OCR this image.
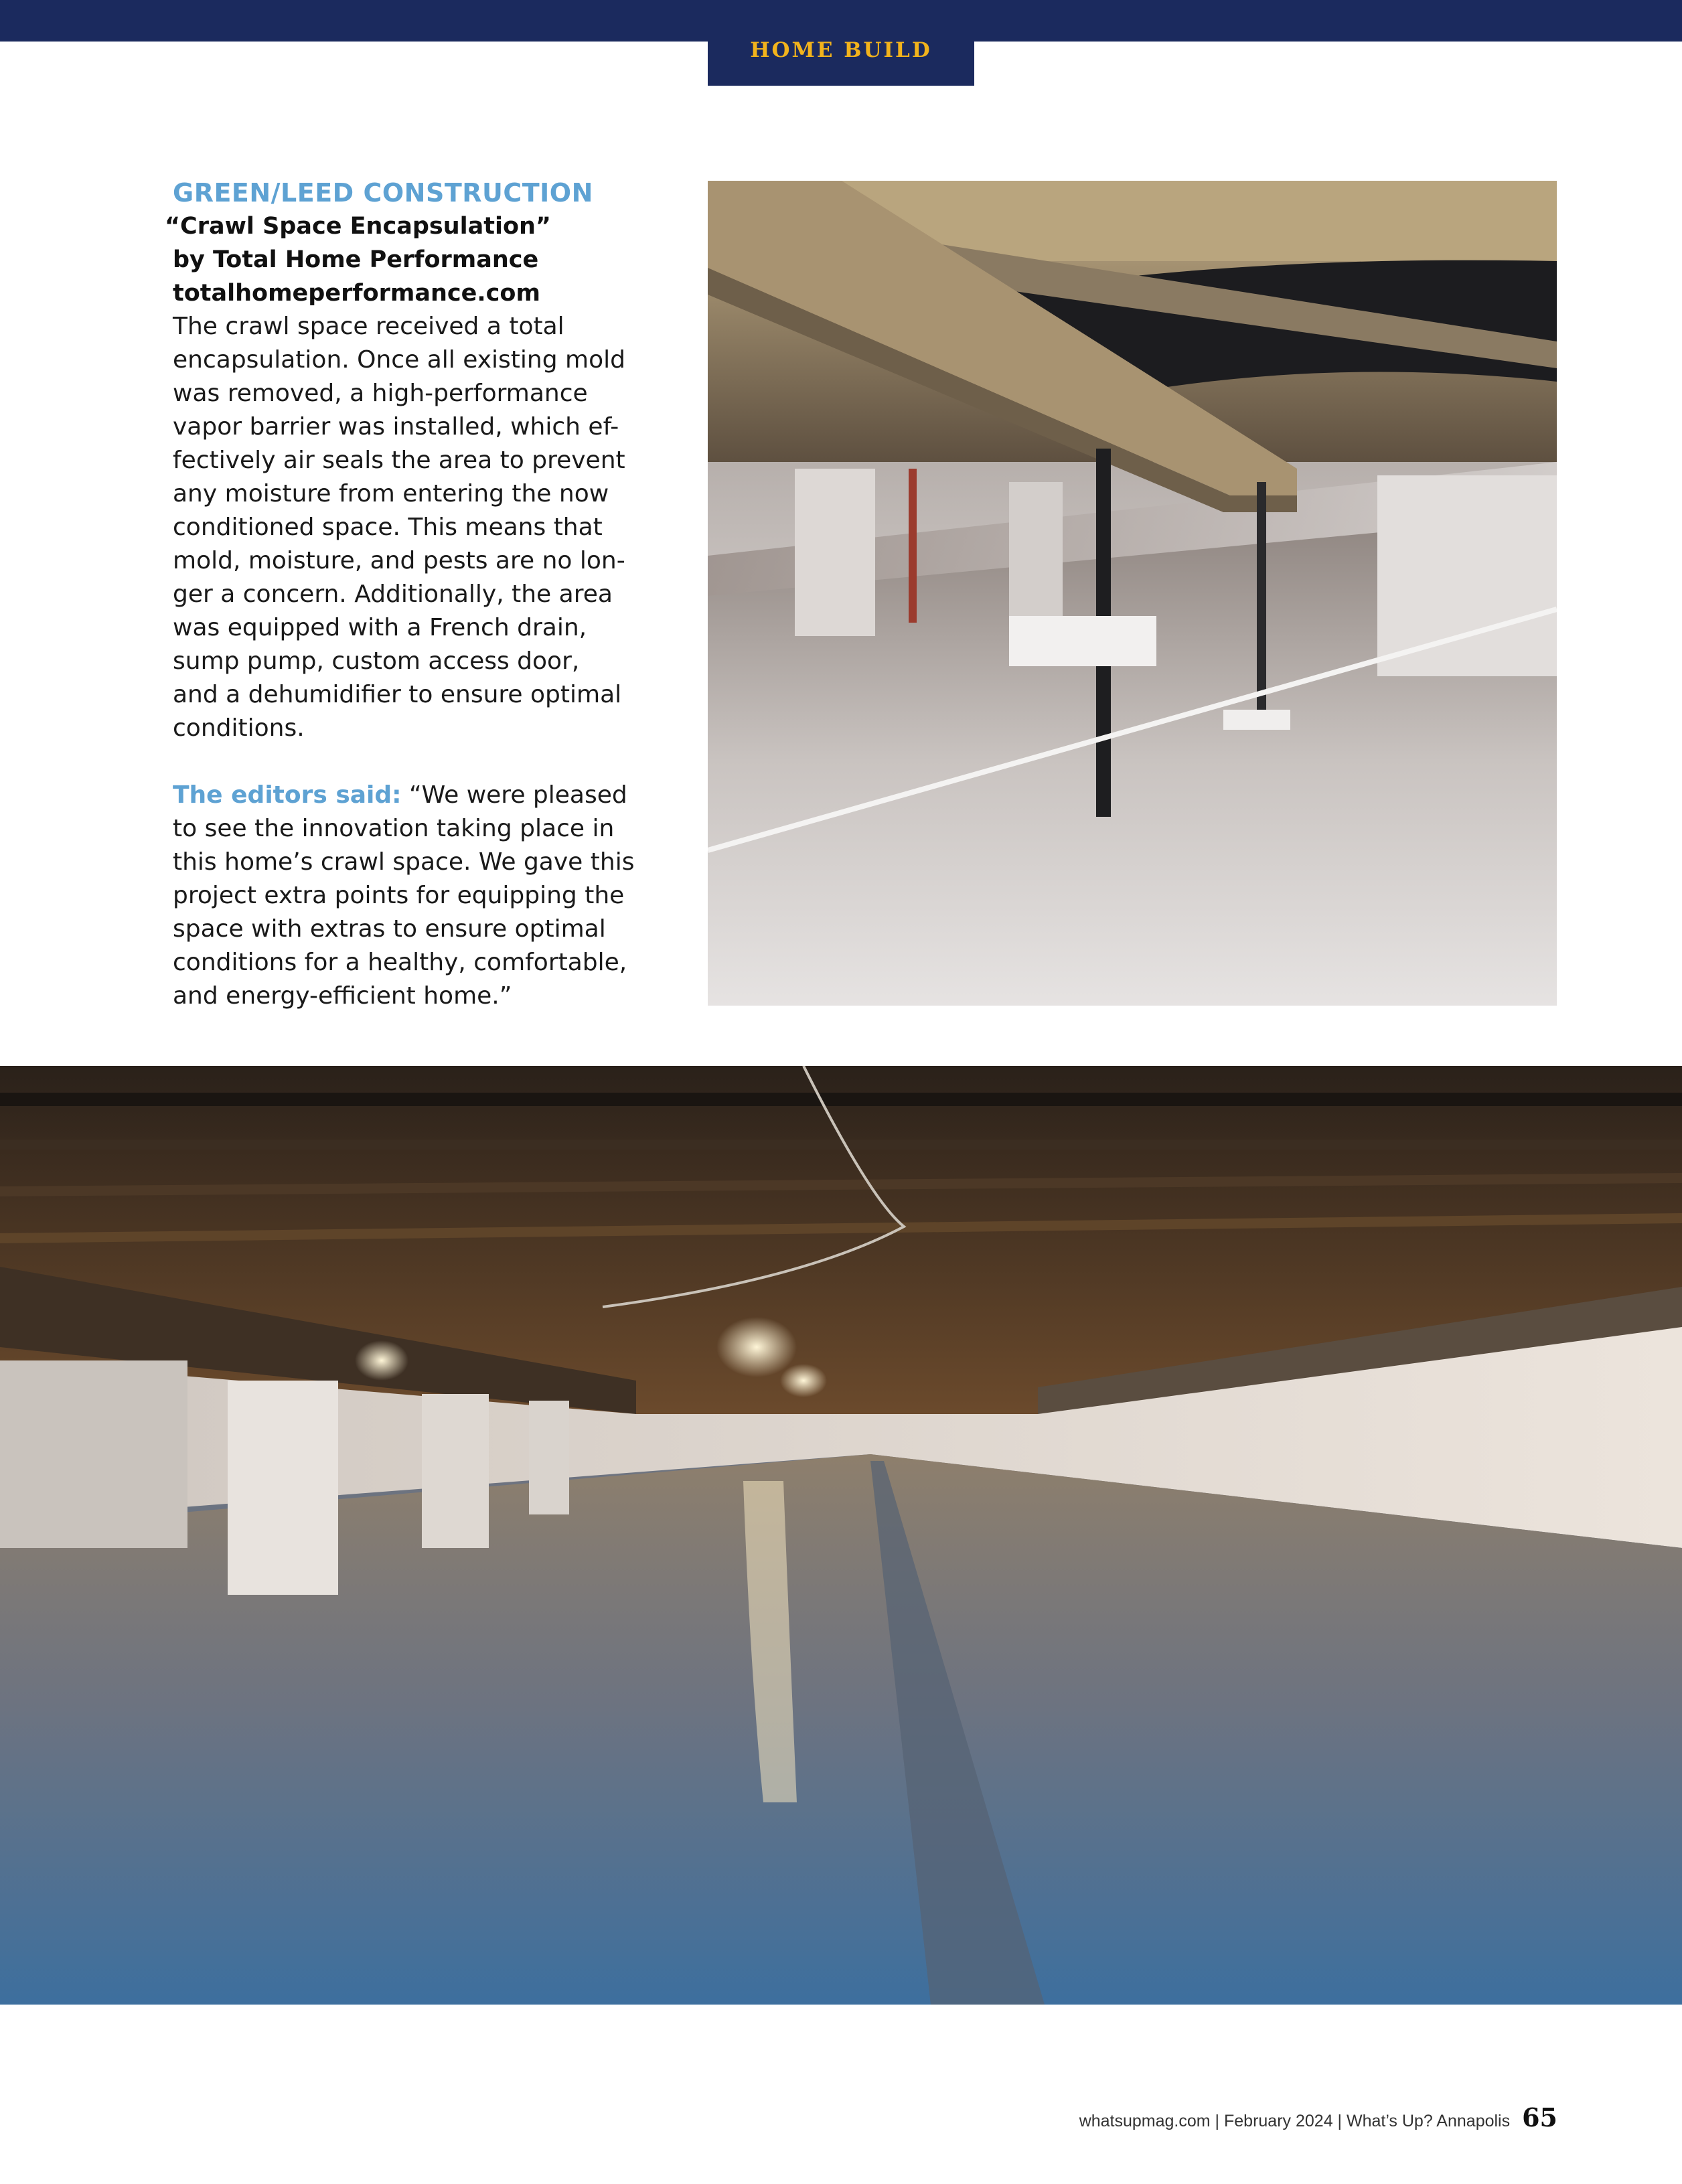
HOME BUILD
GREEN/LEED CONSTRUCTION
“Crawl Space Encapsulation”
by Total Home Performance
totalhomeperformance.com
The crawl space received a total
encapsulation. Once all existing mold
was removed, a high-performance
vapor barrier was installed, which ef-
fectively air seals the area to prevent
any moisture from entering the now
conditioned space. This means that
mold, moisture, and pests are no lon-
ger a concern. Additionally, the area
was equipped with a French drain,
sump pump, custom access door,
and a dehumidifier to ensure optimal
conditions.
The editors said: “We were pleased
to see the innovation taking place in
this home’s crawl space. We gave this
project extra points for equipping the
space with extras to ensure optimal
conditions for a healthy, comfortable,
and energy-efficient home.”
whatsupmag.com | February 2024 | What’s Up? Annapolis 65
